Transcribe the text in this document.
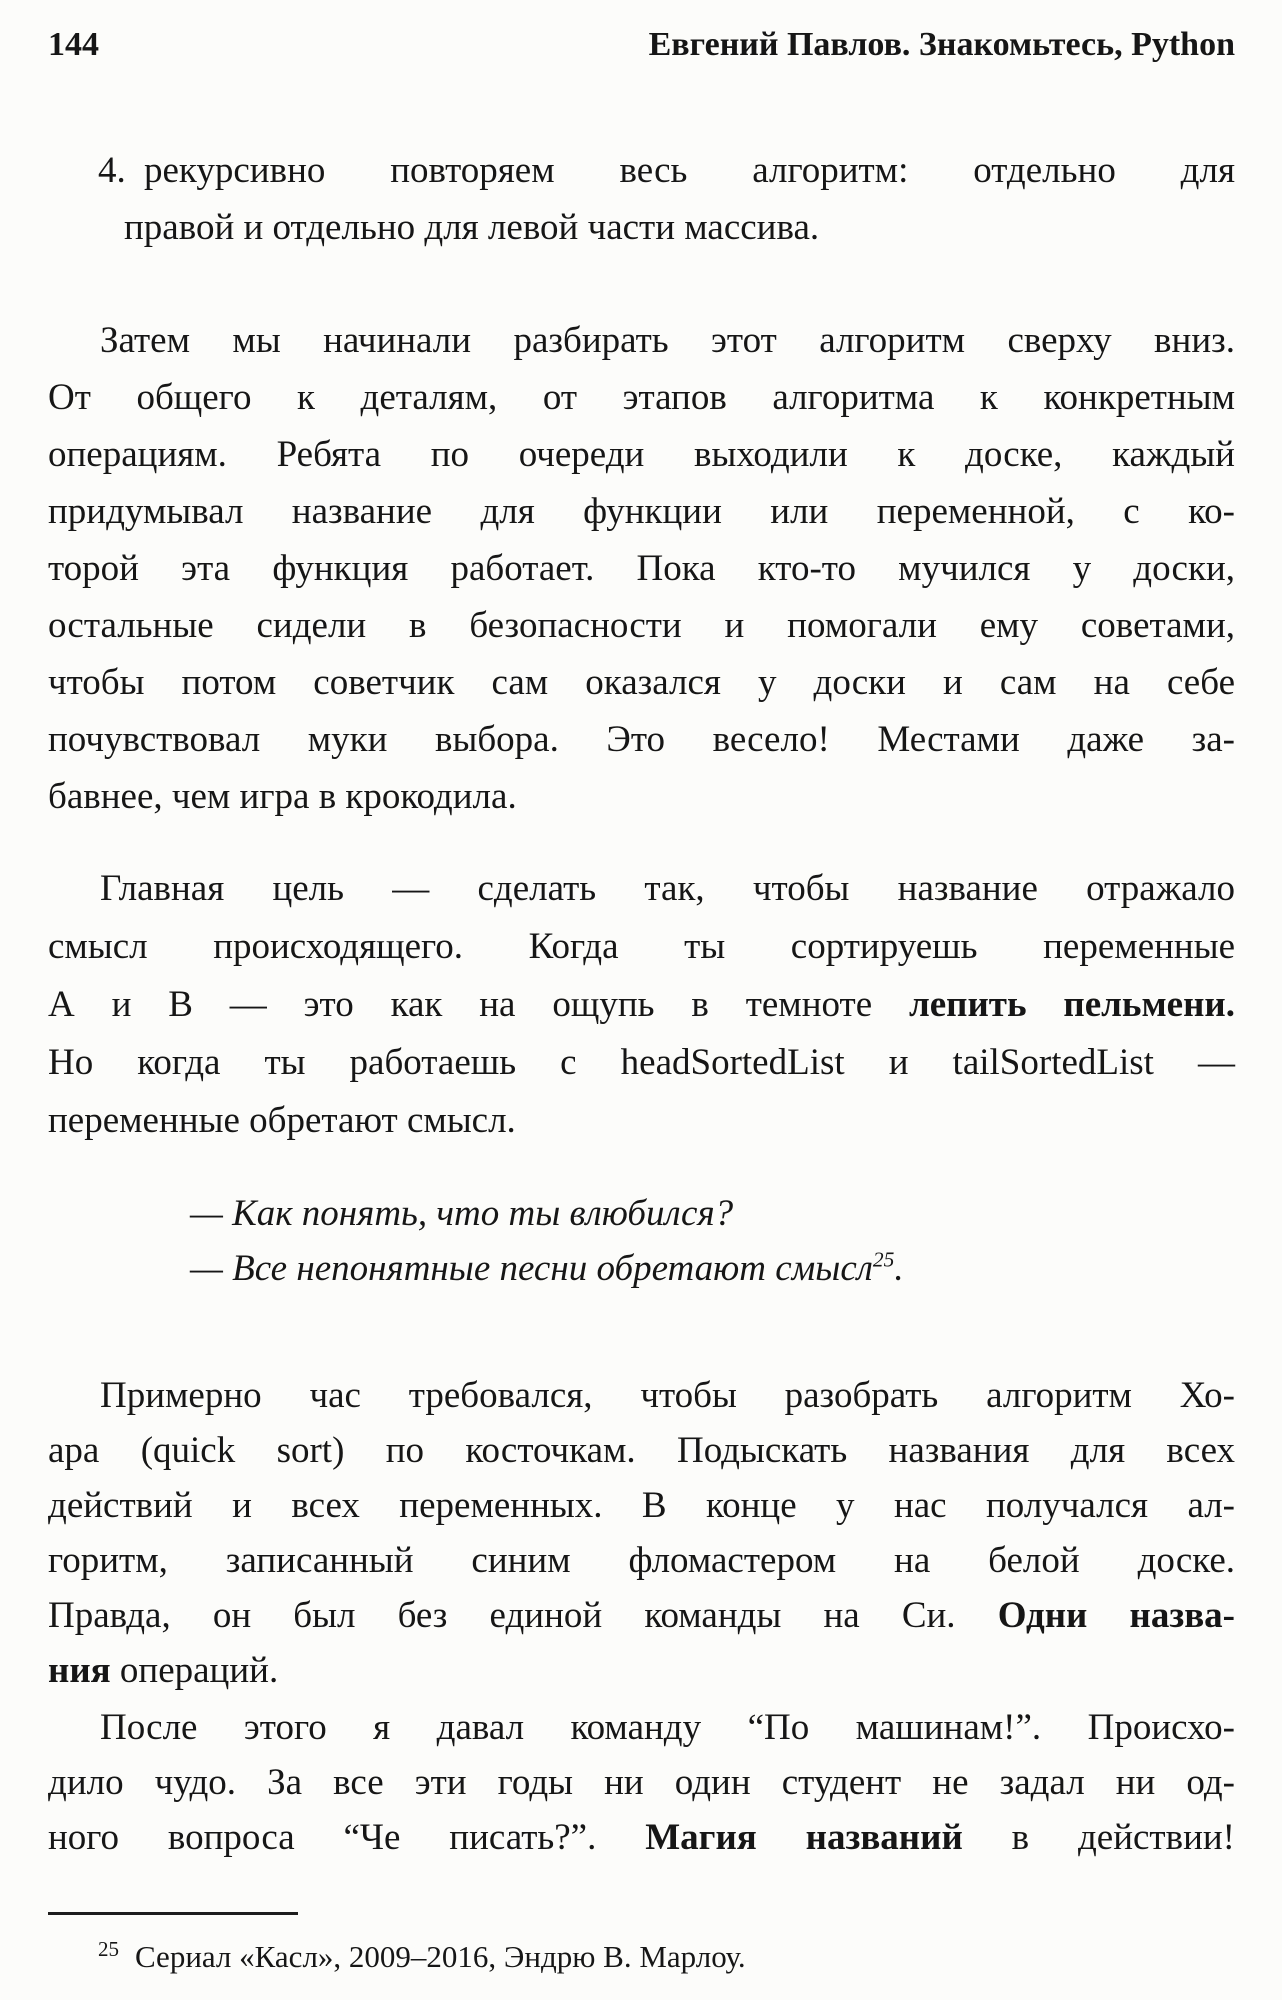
144	Евгений Павлов. Знакомьтесь, Python
4. рекурсивно повторяем весь алгоритм: отдельно для
правой и отдельно для левой части массива.
Затем мы начинали разбирать этот алгоритм сверху вниз.
От общего к деталям, от этапов алгоритма к конкретным
операциям. Ребята по очереди выходили к доске, каждый
придумывал название для функции или переменной, с ко-
торой эта функция работает. Пока кто-то мучился у доски,
остальные сидели в безопасности и помогали ему советами,
чтобы потом советчик сам оказался у доски и сам на себе
почувствовал муки выбора. Это весело! Местами даже за-
бавнее, чем игра в крокодила.
Главная цель — сделать так, чтобы название отражало
смысл происходящего. Когда ты сортируешь переменные
А и В — это как на ощупь в темноте лепить пельмени.
Но когда ты работаешь с headSortedList и tailSortedList —
переменные обретают смысл.
— Как понять, что ты влюбился?
— Все непонятные песни обретают смысл$^{25}$.
Примерно час требовался, чтобы разобрать алгоритм Хо-
ара (quick sort) по косточкам. Подыскать названия для всех
действий и всех переменных. В конце у нас получался ал-
горитм, записанный синим фломастером на белой доске.
Правда, он был без единой команды на Си. Одни назва-
ния операций.
После этого я давал команду “По машинам!”. Происхо-
дило чудо. За все эти годы ни один студент не задал ни од-
ного вопроса “Че писать?”. Магия названий в действии!
$^{25}$ Сериал «Касл», 2009–2016, Эндрю В. Марлоу.
